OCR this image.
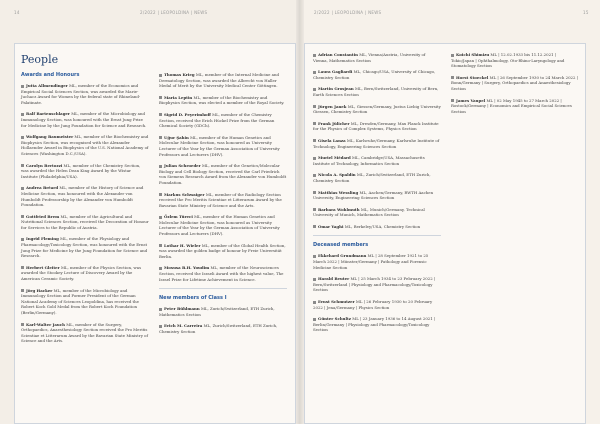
14	2/2022 | LEOPOLDINA | NEWS
People
Awards and Honours

Jutta Allmendinger ML, member of the Economics and Empirical Social Sciences Section, was awarded the Marie-Juchacz Award for Women by the federal state of Rhineland-Palatinate.

Ralf Bartenschlager ML, member of the Microbiology and Immunology Section, was honoured with the Ernst Jung Prize for Medicine by the Jung Foundation for Science and Research.

Wolfgang Baumeister ML, member of the Biochemistry and Biophysics Section, was recognised with the Alexander Hollaender Award in Biophysics of the U.S. National Academy of Sciences (Washington D.C./USA).

Carolyn Bertozzi ML, member of the Chemistry Section, was awarded the Helen Dean King Award by the Wistar Institute (Philadelphia/USA).

Andrea Bréard ML, member of the History of Science and Medicine Section, was honoured with the Alexander von Humboldt Professorship by the Alexander von Humboldt Foundation.

Gottfried Brem ML, member of the Agricultural and Nutritional Sciences Section, received the Decoration of Honour for Services to the Republic of Austria.

Ingrid Fleming ML, member of the Physiology and Pharmacology/Toxicology Section, was honoured with the Ernst Jung Prize for Medicine by the Jung Foundation for Science and Research.

Herbert Gleiter ML, member of the Physics Section, was awarded the Stookey Lecture of Discovery Award by the American Ceramic Society.

Jörg Hacker ML, member of the Microbiology and Immunology Section and Former President of the German National Academy of Sciences Leopoldina, has received the Robert Koch Gold Medal from the Robert Koch Foundation (Berlin/Germany).

Karl-Walter Jauch ML, member of the Surgery, Orthopaedics, Anaesthesiology Section received the Pro Meritis Scientiae et Litterarum Award by the Bavarian State Ministry of Science and the Arts.

Thomas Krieg ML, member of the Internal Medicine and Dermatology Section, was awarded the Albrecht von Haller Medal of Merit by the University Medical Center Göttingen.

Maria Leptin ML, member of the Biochemistry and Biophysics Section, was elected a member of the Royal Society.

Sigrid D. Peyerimhoff ML, member of the Chemistry Section, received the Erich Hückel Prize from the German Chemical Society (GDCh).

Uğur Şahin ML, member of the Human Genetics and Molecular Medicine Section, was honoured as University Lecturer of the Year by the German Association of University Professors and Lecturers (DHV).

Julian Schroeder ML, member of the Genetics/Molecular Biology and Cell Biology Section, received the Carl Friedrich von Siemens Research Award from the Alexander von Humboldt Foundation.

Markus Schwaiger ML, member of the Radiology Section received the Pro Meritis Scientiae et Litterarum Award by the Bavarian State Ministry of Science and the Arts.

Özlem Türeci ML, member of the Human Genetics and Molecular Medicine Section, was honoured as University Lecturer of the Year by the German Association of University Professors and Lecturers (DHV).

Lothar H. Wieler ML, member of the Global Health Section, was awarded the golden badge of honour by Freie Universität Berlin.

Mosusa B.H. Youdim ML, member of the Neurosciences Section, received the Israeli Award with the highest value, The Israel Prize for Lifetime Achievement in Science.

New members of Class I

Peter Bühlmann ML, Zurich/Switzerland, ETH Zurich, Mathematics Section

Erich M. Carreira ML, Zurich/Switzerland, ETH Zurich, Chemistry Section

2/2022 | LEOPOLDINA | NEWS	15

Adrian Constantin ML, Vienna/Austria, University of Vienna, Mathematics Section

Laura Gagliardi ML, Chicago/USA, University of Chicago, Chemistry Section

Martin Grosjean ML, Bern/Switzerland, University of Bern, Earth Sciences Section

Jürgen Janek ML, Giessen/Germany, Justus Liebig University Giessen, Chemistry Section

Frank Jülicher ML, Dresden/Germany, Max Planck Institute for the Physics of Complex Systems, Physics Section

Gisela Lanza ML, Karlsruhe/Germany, Karlsruhe Institute of Technology, Engineering Sciences Section

Muriel Médard ML, Cambridge/USA, Massachusetts Institute of Technology, Informatics Section

Nicola A. Spaldin ML, Zurich/Switzerland, ETH Zurich, Chemistry Section

Matthias Wessling ML, Aachen/Germany, RWTH Aachen University, Engineering Sciences Section

Barbara Wohlmuth ML, Munich/Germany, Technical University of Munich, Mathematics Section

Omar Yaghi ML, Berkeley/USA, Chemistry Section

Deceased members

Ekkehard Grundmann ML | 28 September 1921 to 25 March 2022 | Münster/Germany | Pathology and Forensic Medicine Section

Harald Reuter ML | 25 March 1934 to 23 February 2022 | Bern/Switzerland | Physiology and Pharmacology/Toxicology Section

Ernst Schmutzer ML | 26 February 1930 to 20 February 2022 | Jena/Germany | Physics Section

Günter Schultz ML | 23 January 1936 to 14 August 2021 | Berlin/Germany | Physiology and Pharmacology/Toxicology Section

Koichi Shimizu ML | 12.02.1933 bis 11.12.2021 | Tokio/Japan | Ophthalmology, Oto-Rhino-Laryngology and Stomatology Section

Horst Stoeckel ML | 26 September 1930 to 24 March 2022 | Bonn/Germany | Surgery, Orthopaedics and Anaesthesiology Section

James Vaupel ML | 02 May 1945 to 27 March 2022 | Rostock/Germany | Economics and Empirical Social Sciences Section
